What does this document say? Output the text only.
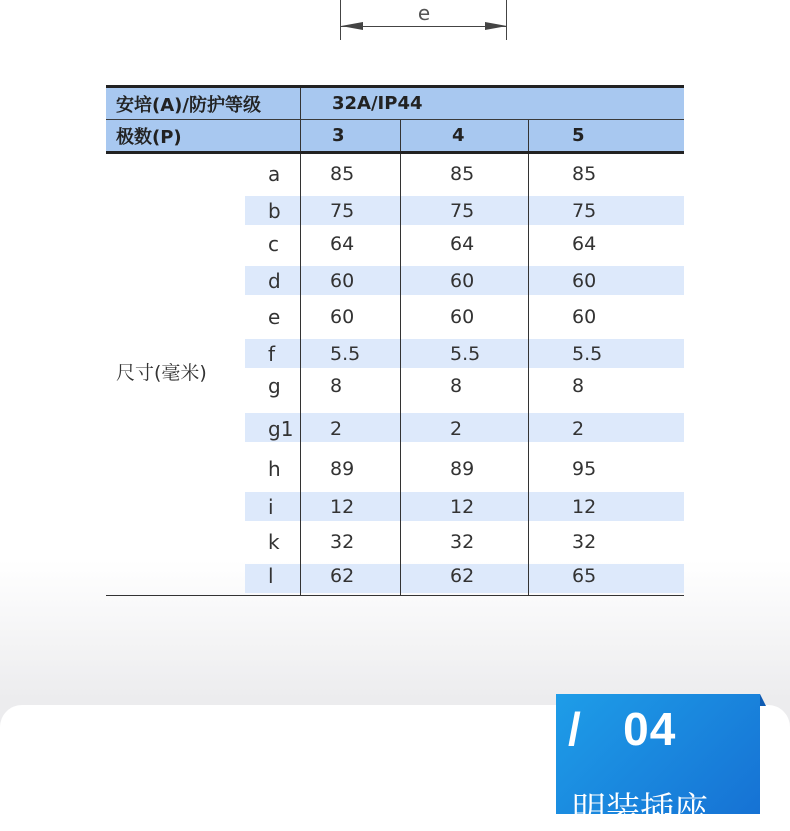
e
安培(A)/防护等级	32A/IP44
极数(P)	3	4	5
尺寸(毫米)
a	85	85	85
b	75	75	75
c	64	64	64
d	60	60	60
e	60	60	60
f	5.5	5.5	5.5
g	8	8	8
g1 2	2	2
h	89	89	95
i	12	12	12
k	32	32	32
l	62	62	65
/   04
明装插座
